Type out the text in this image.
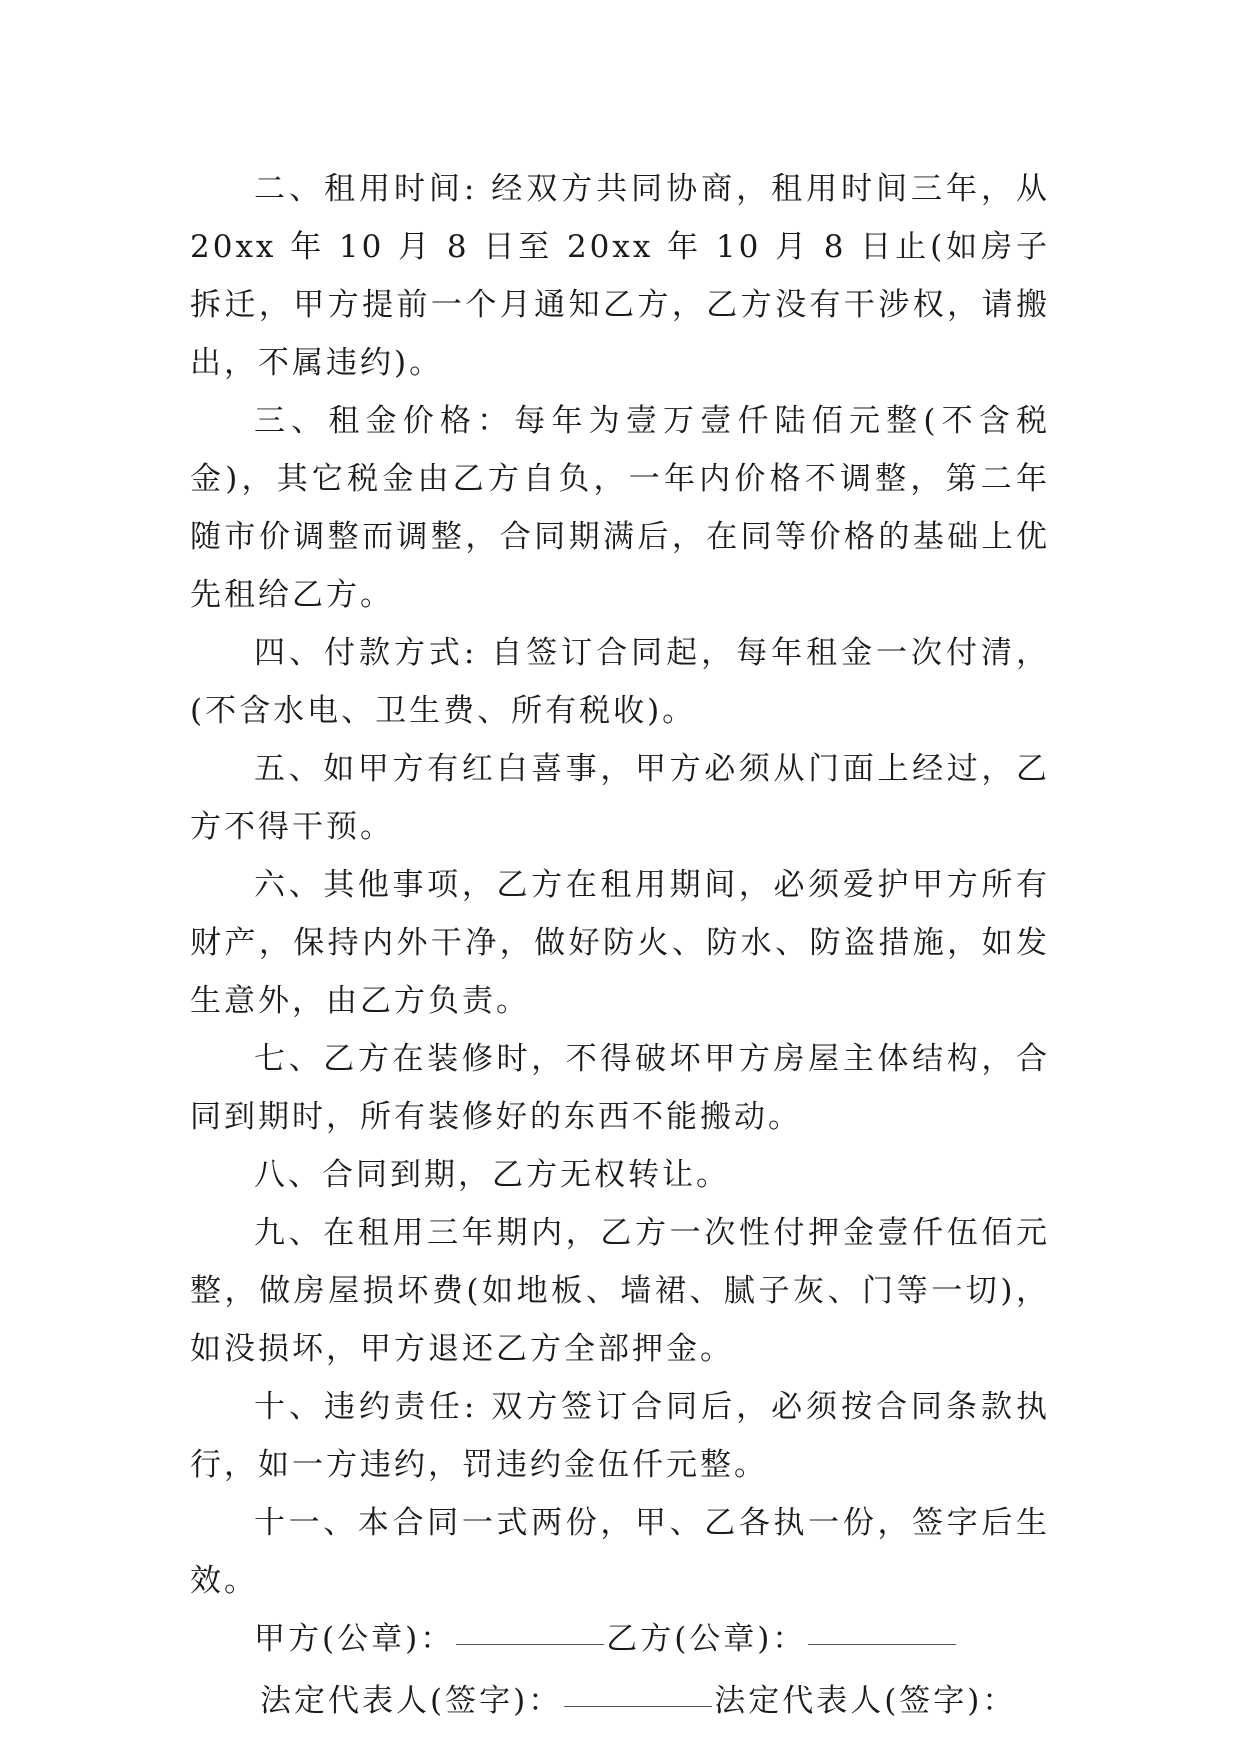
二、租用时间: 经双方共同协商，租用时间三年，从 20xx 年 10 月 8 日至 20xx 年 10 月 8 日止(如房子拆迁，甲方提前一个月通知乙方，乙方没有干涉权，请搬出，不属违约)。

三、租金价格：每年为壹万壹仟陆佰元整(不含税金)，其它税金由乙方自负，一年内价格不调整，第二年随市价调整而调整，合同期满后，在同等价格的基础上优先租给乙方。

四、付款方式: 自签订合同起，每年租金一次付清，(不含水电、卫生费、所有税收)。

五、如甲方有红白喜事，甲方必须从门面上经过，乙方不得干预。

六、其他事项，乙方在租用期间，必须爱护甲方所有财产，保持内外干净，做好防火、防水、防盗措施，如发生意外，由乙方负责。

七、乙方在装修时，不得破坏甲方房屋主体结构，合同到期时，所有装修好的东西不能搬动。

八、合同到期，乙方无权转让。

九、在租用三年期内，乙方一次性付押金壹仟伍佰元整，做房屋损坏费(如地板、墙裙、腻子灰、门等一切)，如没损坏，甲方退还乙方全部押金。

十、违约责任: 双方签订合同后，必须按合同条款执行，如一方违约，罚违约金伍仟元整。

十一、本合同一式两份，甲、乙各执一份，签字后生效。

甲方(公章)：	乙方(公章)：
法定代表人(签字)：	法定代表人(签字)：
